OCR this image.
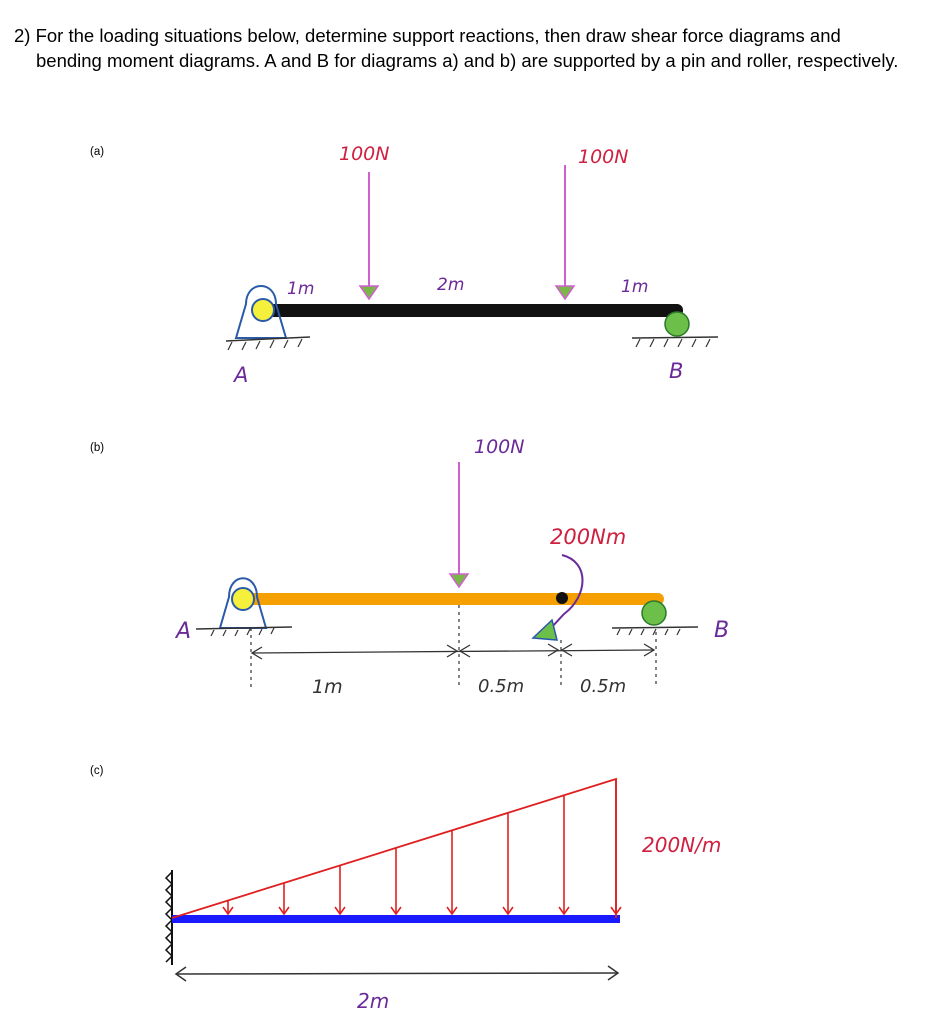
2) For the loading situations below, determine support reactions, then draw shear force diagrams and
bending moment diagrams. A and B for diagrams a) and b) are supported by a pin and roller, respectively.
(a)
(b)
(c)
100N	100N
1m	2m	1m
A	B
100N
200Nm
A	B
1m	0.5m	0.5m
200N/m
2m
